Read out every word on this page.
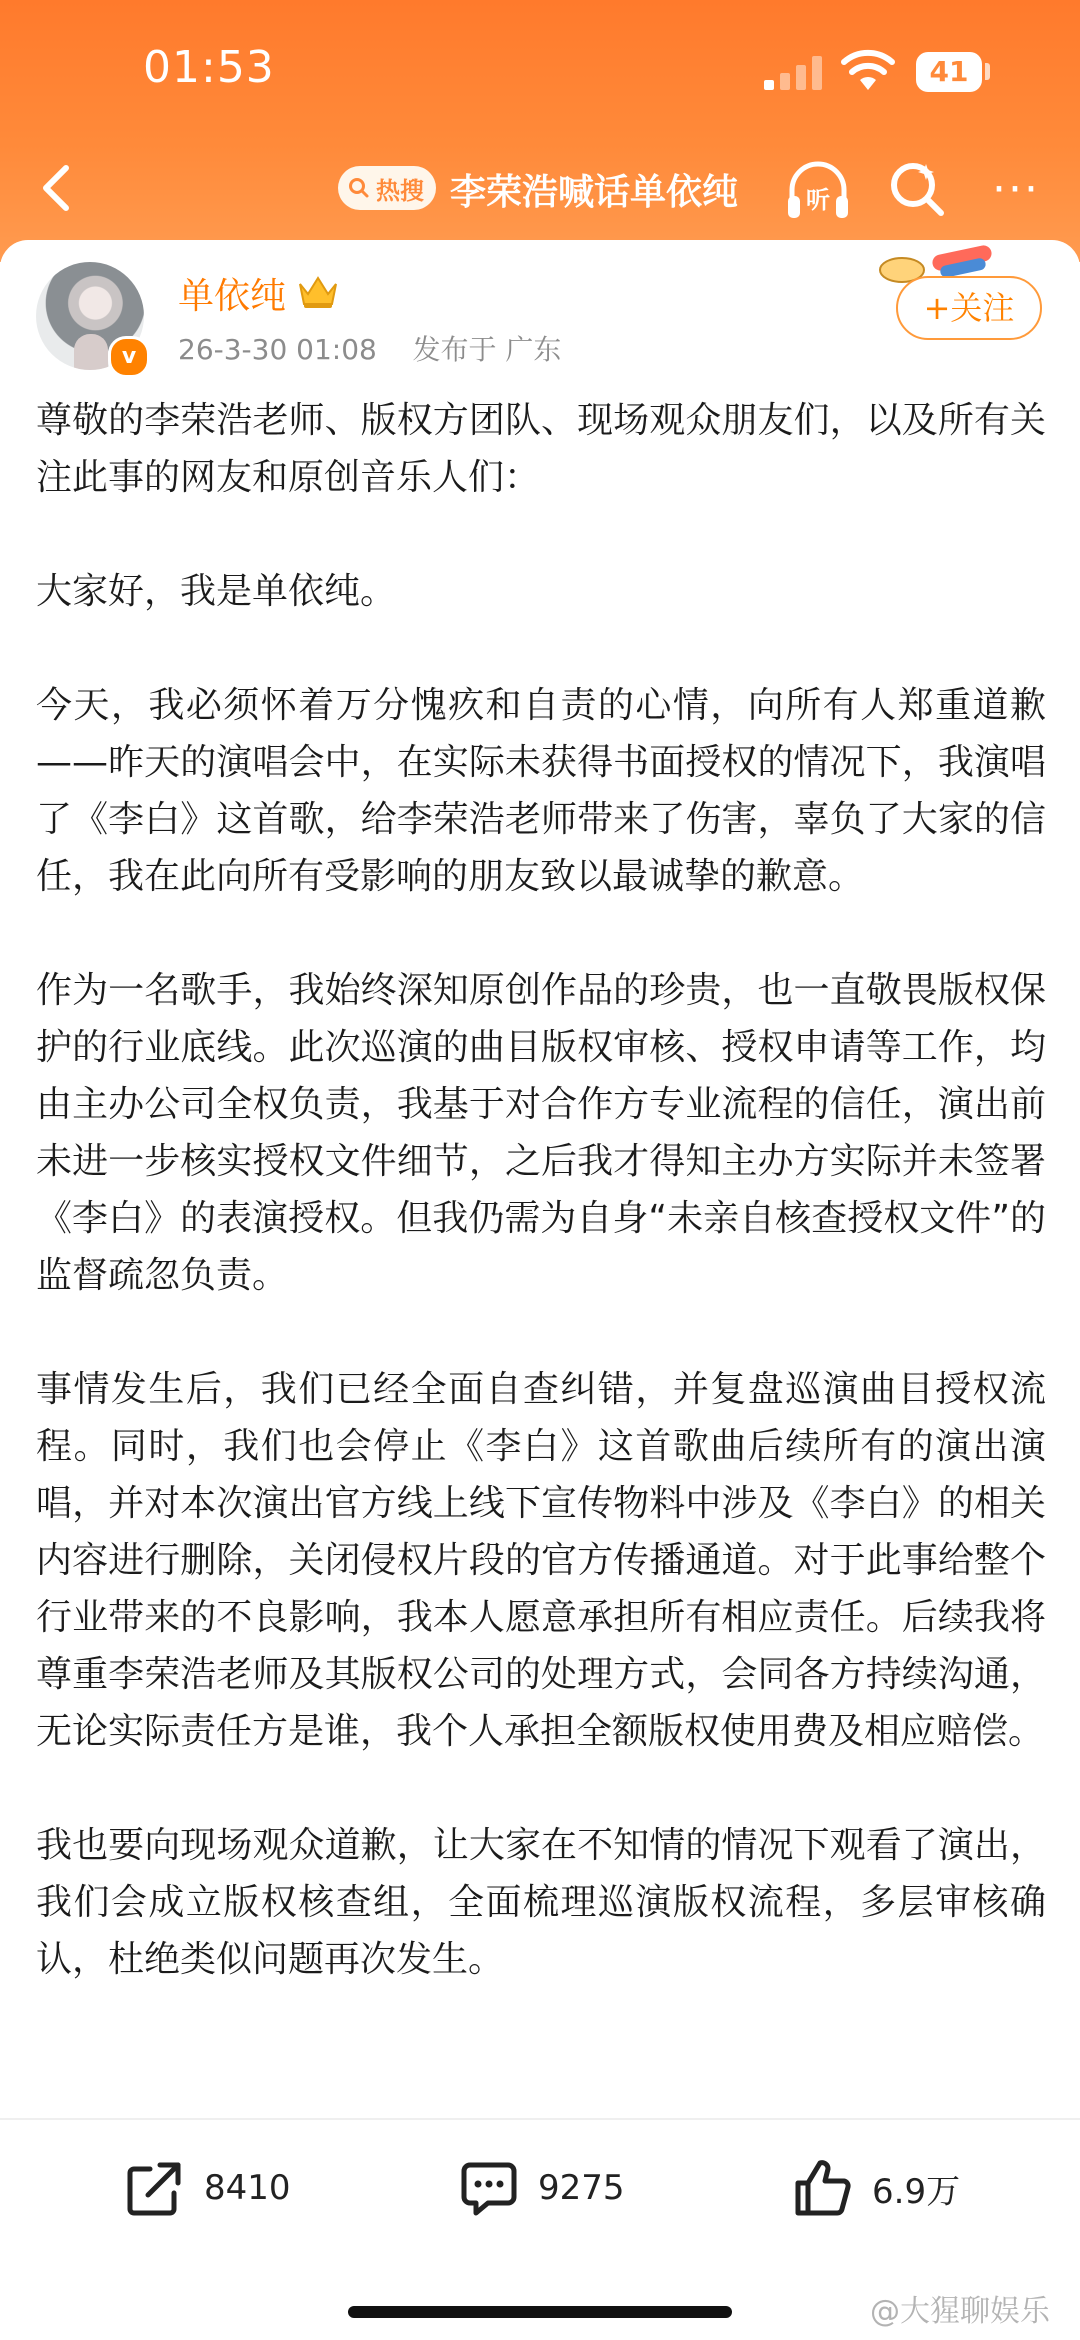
01:53	41
热搜 李荣浩喊话单依纯	听	···
v
单依纯
26-3-30 01:08 发布于 广东
+关注

尊敬的李荣浩老师、版权方团队、现场观众朋友们，以及所有关注此事的网友和原创音乐人们：

大家好，我是单依纯。

今天，我必须怀着万分愧疚和自责的心情，向所有人郑重道歉——昨天的演唱会中，在实际未获得书面授权的情况下，我演唱了《李白》这首歌，给李荣浩老师带来了伤害，辜负了大家的信任，我在此向所有受影响的朋友致以最诚挚的歉意。

作为一名歌手，我始终深知原创作品的珍贵，也一直敬畏版权保护的行业底线。此次巡演的曲目版权审核、授权申请等工作，均由主办公司全权负责，我基于对合作方专业流程的信任，演出前未进一步核实授权文件细节，之后我才得知主办方实际并未签署《李白》的表演授权。但我仍需为自身“未亲自核查授权文件”的监督疏忽负责。

事情发生后，我们已经全面自查纠错，并复盘巡演曲目授权流程。同时，我们也会停止《李白》这首歌曲后续所有的演出演唱，并对本次演出官方线上线下宣传物料中涉及《李白》的相关内容进行删除，关闭侵权片段的官方传播通道。对于此事给整个行业带来的不良影响，我本人愿意承担所有相应责任。后续我将尊重李荣浩老师及其版权公司的处理方式，会同各方持续沟通，无论实际责任方是谁，我个人承担全额版权使用费及相应赔偿。

我也要向现场观众道歉，让大家在不知情的情况下观看了演出，我们会成立版权核查组，全面梳理巡演版权流程，多层审核确认，杜绝类似问题再次发生。

8410	9275	6.9万
@大猩聊娱乐
